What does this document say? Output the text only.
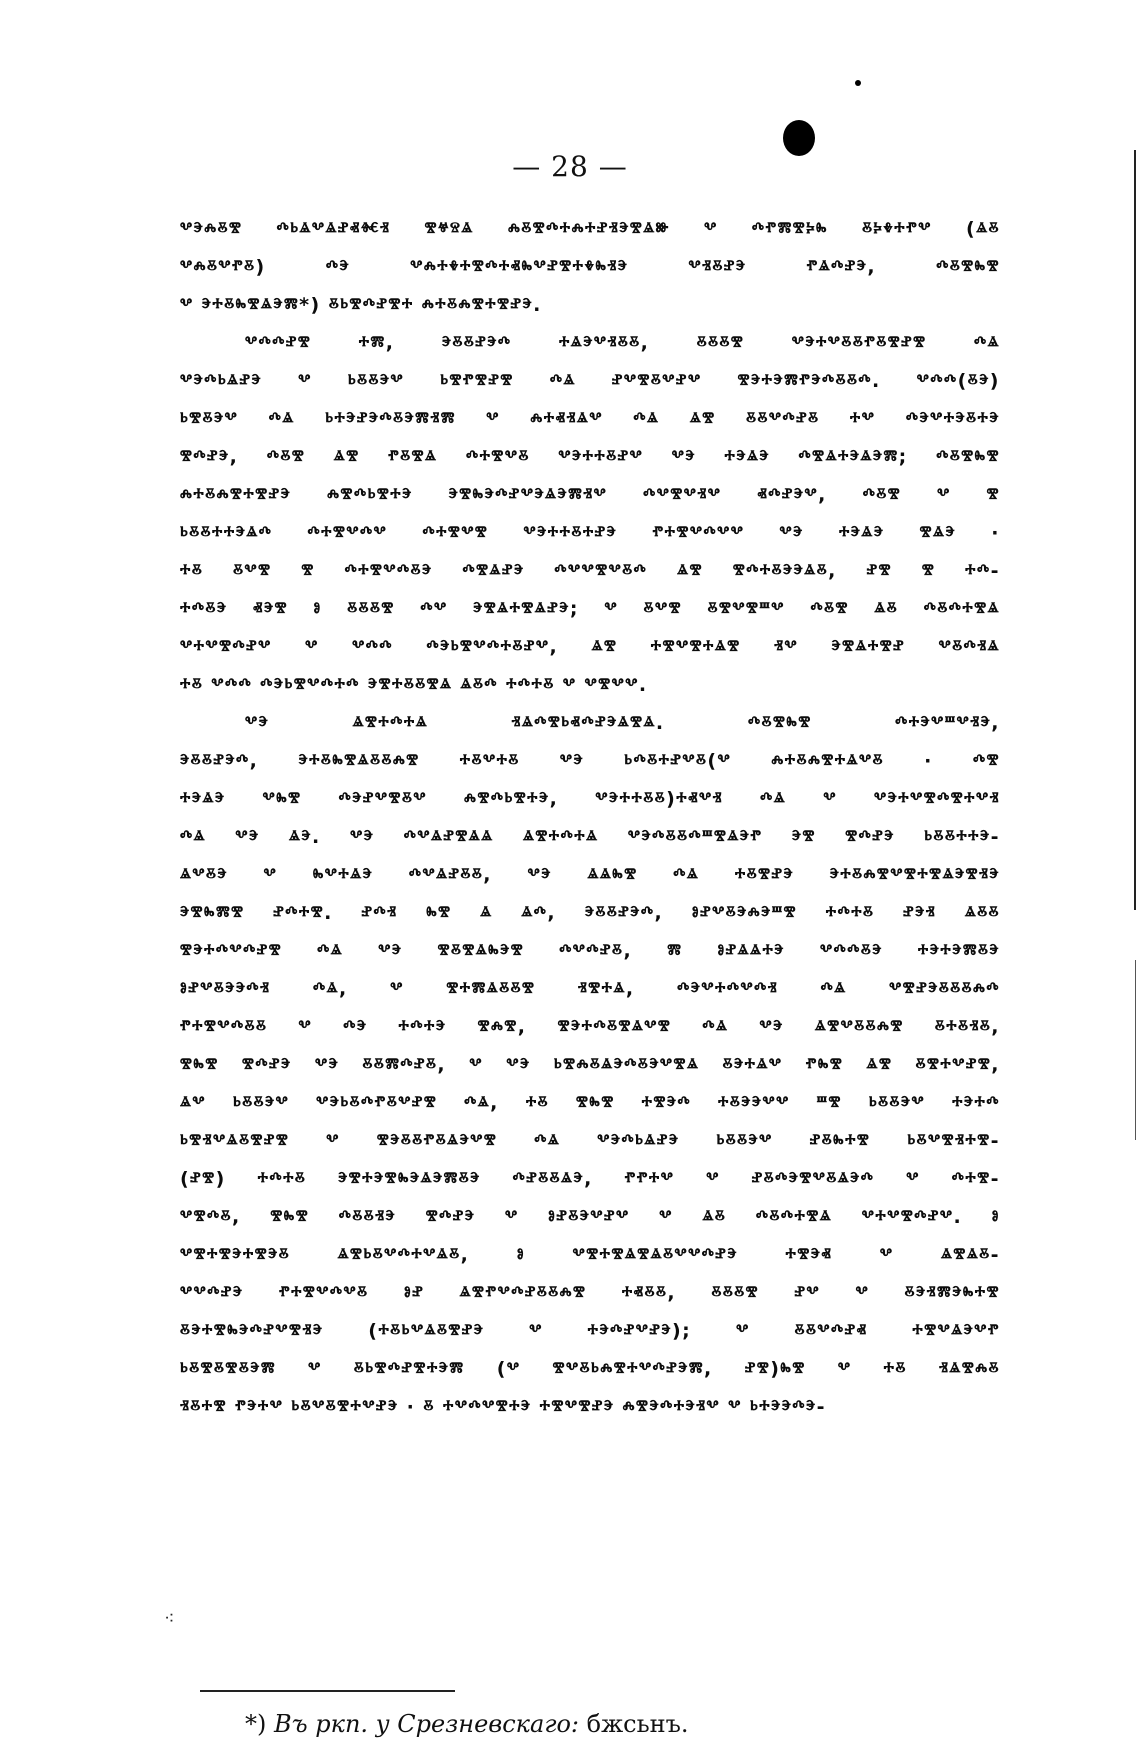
— 28 —
ⰲⰵⰾⰻⰺ ⰴⱃⱑⰲⱑⱀⱏⱙⱐ ⰺⱍⱄⱑ ⰾⰻⰺⰴⰰⰾⰰⱀⱐⰵⰺⱑⱆ ⰲ ⰴⱂⰿⰺⰽⰸ ⰻⰽⰷⰰⱂⰲ (ⱑⰻ
ⰲⰾⰻⰲⱂⰻ) ⰴⰵ ⰲⰾⰰⰷⰰⰺⰴⰰⱏⰸⰲⱀⰺⰰⰷⰸⱐⰵ ⰲⱐⰻⱀⰵ ⱂⱑⰴⱀⰵ, ⰴⰻⰺⰸⰺ
ⰲ ⰵⰰⰻⰸⰺⱑⰵⰿ*) ⰻⱃⰺⰴⱀⰺⰰ ⰾⰰⰻⰾⰺⰰⰺⱀⰵ.
ⰲⰴⰴⱀⰺ ⰰⰿ, ⰵⰻⰻⱀⰵⰴ ⰰⱑⰵⰲⱐⰻⰻ, ⰻⰻⰻⰺ ⰲⰵⰰⰲⰻⰻⱂⰻⰺⱀⰺ ⰴⱑ
ⰲⰵⰴⱃⱑⱀⰵ ⰲ ⱃⰻⰻⰵⰲ ⱃⰺⱂⰺⱀⰺ ⰴⱑ ⱀⰲⰺⰻⰲⱀⰲ ⰺⰵⰰⰵⰿⱂⰵⰴⰻⰻⰴ. ⰲⰴⰴ(ⰻⰵ)
ⱃⰺⰻⰵⰲ ⰴⱑ ⱃⰰⰵⱀⰵⰴⰻⰵⰿⱐⰿ ⰲ ⰾⰰⱏⱐⱑⰲ ⰴⱑ ⱑⰺ ⰻⰻⰲⰴⱀⰻ ⰰⰲ ⰴⰵⰲⰰⰵⰻⰰⰵ
ⰺⰴⱀⰵ, ⰴⰻⰺ ⱑⰺ ⱂⰻⰺⱑ ⰴⰰⰺⰲⰻ ⰲⰵⰰⰰⰻⱀⰲ ⰲⰵ ⰰⰵⱑⰵ ⰴⰺⱑⰰⰵⱑⰵⰿ; ⰴⰻⰺⰸⰺ
ⰾⰰⰻⰾⰺⰰⰺⱀⰵ ⰾⰺⰴⱃⰺⰰⰵ ⰵⰺⰸⰵⰴⱀⰲⰵⱑⰵⰿⱐⰲ ⰴⰲⰺⰲⱐⰲ ⱏⰴⱀⰵⰲ, ⰴⰻⰺ ⰲ ⰺ
ⱃⰻⰻⰰⰰⰵⱑⰴ ⰴⰰⰺⰲⰴⰲ ⰴⰰⰺⰲⰺ ⰲⰵⰰⰰⰻⰰⱀⰵ ⱂⰰⰺⰲⰴⰲⰲ ⰲⰵ ⰰⰵⱑⰵ ⰺⱑⰵ ·
ⰰⰻ ⰻⰲⰺ ⰺ ⰴⰰⰺⰲⰴⰻⰵ ⰴⰺⱑⱀⰵ ⰴⰲⰲⰺⰲⰻⰴ ⱑⰺ ⰺⰴⰰⰻⰵⰵⱑⰻ, ⱀⰺ ⰺ ⰰⰴ-
ⰰⰴⰻⰵ ⱏⰵⰺ ⱁ ⰻⰻⰻⰺ ⰴⰲ ⰵⰺⱑⰰⰺⱑⱀⰵ; ⰲ ⰻⰲⰺ ⰻⰺⰲⰺⱎⰲ ⰴⰻⰺ ⱑⰻ ⰴⰻⰴⰰⰺⱑ
ⰲⰰⰲⰺⰴⱀⰲ ⰲ ⰲⰴⰴ ⰴⰵⱃⰺⰲⰴⰰⰻⱀⰲ, ⱑⰺ ⰰⰺⰲⰺⰰⱑⰺ ⱐⰲ ⰵⰺⱑⰰⰺⱀ ⰲⰻⰴⱐⱑ
ⰰⰻ ⰲⰴⰴ ⰴⰵⱃⰺⰲⰴⰰⰴ ⰵⰺⰰⰻⰻⰺⱑ ⱑⰻⰴ ⰰⰴⰰⰻ ⰲ ⰲⰺⰲⰲ.
ⰲⰵ ⱑⰺⰰⰴⰰⱑ ⱐⱑⰴⰺⱃⱏⰴⱀⰵⱑⰺⱑ. ⰴⰻⰺⰸⰺ ⰴⰰⰵⰲⱎⰲⱐⰵ,
ⰵⰻⰻⱀⰵⰴ, ⰵⰰⰻⰸⰺⱑⰻⰻⰾⰺ ⰰⰻⰲⰰⰻ ⰲⰵ ⱃⰴⰻⰰⱀⰲⰻ(ⰲ ⰾⰰⰻⰾⰺⰰⱑⰲⰻ · ⰴⰺ
ⰰⰵⱑⰵ ⰲⰸⰺ ⰴⰵⱀⰲⰺⰻⰲ ⰾⰺⰴⱃⰺⰰⰵ, ⰲⰵⰰⰰⰻⰻ)ⰰⱏⰲⱐ ⰴⱑ ⰲ ⰲⰵⰰⰲⰺⰴⰺⰰⰲⱐ
ⰴⱑ ⰲⰵ ⱑⰵ. ⰲⰵ ⰴⰲⱑⱀⰺⱑⱑ ⱑⰺⰰⰴⰰⱑ ⰲⰵⰴⰻⰻⰴⱎⰺⱑⰵⱂ ⰵⰺ ⰺⰴⱀⰵ ⱃⰻⰻⰰⰰⰵ-
ⱑⰲⰻⰵ ⰲ ⰸⰲⰰⱑⰵ ⰴⰲⱑⱀⰻⰻ, ⰲⰵ ⱑⱑⰸⰺ ⰴⱑ ⰰⰻⰺⱀⰵ ⰵⰰⰻⰾⰺⰲⰺⰰⰺⱑⰵⰺⱐⰵ
ⰵⰺⰸⰿⰺ ⱀⰴⰰⰺ. ⱀⰴⱐ ⰸⰺ ⱑ ⱑⰴ, ⰵⰻⰻⱀⰵⰴ, ⱁⱀⰲⰻⰵⰾⰵⱎⰺ ⰰⰴⰰⰻ ⱀⰵⱐ ⱑⰻⰻ
ⰺⰵⰰⰴⰲⰴⱀⰺ ⰴⱑ ⰲⰵ ⰺⰻⰺⱑⰸⰵⰺ ⰴⰲⰴⱀⰻ, ⰿ ⱁⱀⱑⱑⰰⰵ ⰲⰴⰴⰻⰵ ⰰⰵⰰⰵⰿⰻⰵ
ⱁⱀⰲⰻⰵⰵⰴⱐ ⰴⱑ, ⰲ ⰺⰰⰿⱑⰻⰻⰺ ⱐⰺⰰⱑ, ⰴⰵⰲⰰⰴⰲⰴⱐ ⰴⱑ ⰲⰺⱀⰵⰻⰻⰻⰾⰴ
ⱂⰰⰺⰲⰴⰻⰻ ⰲ ⰴⰵ ⰰⰴⰰⰵ ⰺⰾⰺ, ⰺⰵⰰⰴⰻⰺⱑⰲⰺ ⰴⱑ ⰲⰵ ⱑⰺⰲⰻⰻⰾⰺ ⰻⰰⰻⱐⰻ,
ⰺⰸⰺ ⰺⰴⱀⰵ ⰲⰵ ⰻⰻⰿⰴⱀⰻ, ⰲ ⰲⰵ ⱃⰺⰾⰻⱑⰵⰴⰻⰵⰲⰺⱑ ⰻⰵⰰⱑⰲ ⱂⰸⰺ ⱑⰺ ⰻⰺⰰⰲⱀⰺ,
ⱑⰲ ⱃⰻⰻⰵⰲ ⰲⰵⱃⰻⰴⱂⰻⰲⱀⰺ ⰴⱑ, ⰰⰻ ⰺⰸⰺ ⰰⰺⰵⰴ ⰰⰻⰵⰵⰲⰲ ⱎⰺ ⱃⰻⰻⰵⰲ ⰰⰵⰰⰴ
ⱃⰺⱐⰲⱑⰻⰺⱀⰺ ⰲ ⰺⰵⰻⰻⱂⰻⱑⰵⰲⰺ ⰴⱑ ⰲⰵⰴⱃⱑⱀⰵ ⱃⰻⰻⰵⰲ ⱀⰻⰸⰰⰺ ⱃⰻⰲⰺⱐⰰⰺ-
(ⱀⰺ) ⰰⰴⰰⰻ ⰵⰺⰰⰵⰺⰸⰵⱑⰵⰿⰻⰵ ⰴⱀⰻⰻⱑⰵ, ⱂⱂⰰⰲ ⰲ ⱀⰻⰴⰵⰺⰲⰻⱑⰵⰴ ⰲ ⰴⰰⰺ-
ⰲⰺⰴⰻ, ⰺⰸⰺ ⰴⰻⰻⱐⰵ ⰺⰴⱀⰵ ⰲ ⱁⱀⰻⰵⰲⱀⰲ ⰲ ⱑⰻ ⰴⰻⰴⰰⰺⱑ ⰲⰰⰲⰺⰴⱀⰲ. ⱁ
ⰲⰺⰰⰺⰵⰰⰺⰵⰻ ⱑⰺⱃⰻⰲⰴⰰⰲⱑⰻ, ⱁ ⰲⰺⰰⰺⱑⰺⱑⰻⰲⰲⰴⱀⰵ ⰰⰺⰵⱏ ⰲ ⱑⰺⱑⰻ-
ⰲⰲⰴⱀⰵ ⱂⰰⰺⰲⰴⰲⰻ ⱁⱀ ⱑⰺⱂⰲⰴⱀⰻⰻⰾⰺ ⰰⱏⰻⰻ, ⰻⰻⰻⰺ ⱀⰲ ⰲ ⰻⰵⱐⰿⰵⰸⰰⰺ
ⰻⰵⰰⰺⰸⰵⰴⱀⰲⰺⱐⰵ (ⰰⰻⱃⰲⱑⰻⰺⱀⰵ ⰲ ⰰⰵⰴⱀⰲⱀⰵ); ⰲ ⰻⰻⰲⰴⱀⱏ ⰰⰺⰲⱑⰵⰲⱂ
ⱃⰻⰺⰻⰺⰻⰵⰿ ⰲ ⰻⱃⰺⰴⱀⰺⰰⰵⰿ (ⰲ ⰺⰲⰻⱃⰾⰺⰰⰲⰴⱀⰵⰿ, ⱀⰺ)ⰸⰺ ⰲ ⰰⰻ ⱐⱑⰺⰾⰻ
ⱐⰻⰰⰺ ⱂⰵⰰⰲ ⱃⰻⰲⰻⰺⰰⰲⱀⰵ · ⰻ ⰰⰲⰴⰲⰺⰰⰵ ⰰⰺⰲⰺⱀⰵ ⰾⰺⰵⰴⰰⰵⱐⰲ ⰲ ⱃⰰⰵⰵⰴⰵ-
⁖
*) Въ ркп. у Срезневскаго: бжсьнъ.
